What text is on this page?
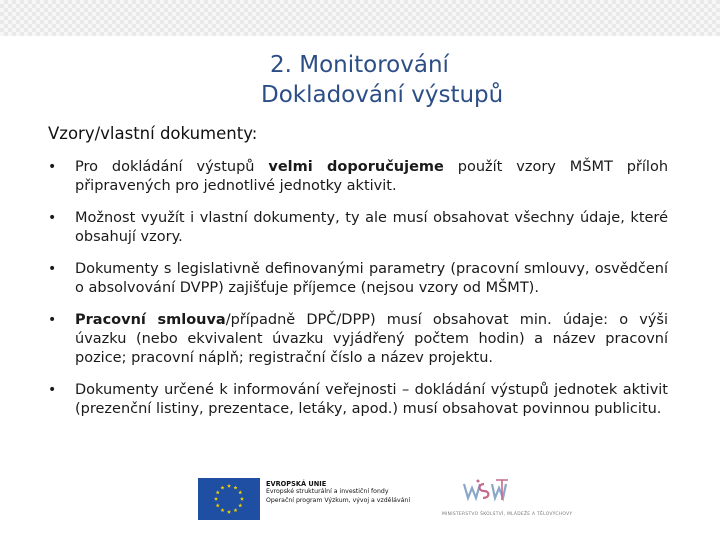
2. Monitorování
Dokladování výstupů
Vzory/vlastní dokumenty:
• Pro dokládání výstupů velmi doporučujeme použít vzory MŠMT příloh připravených pro jednotlivé jednotky aktivit.
• Možnost využít i vlastní dokumenty, ty ale musí obsahovat všechny údaje, které obsahují vzory.
• Dokumenty s legislativně definovanými parametry (pracovní smlouvy, osvědčení o absolvování DVPP) zajišťuje příjemce (nejsou vzory od MŠMT).
• Pracovní smlouva/případně DPČ/DPP) musí obsahovat min. údaje: o výši úvazku (nebo ekvivalent úvazku vyjádřený počtem hodin) a název pracovní pozice; pracovní náplň; registrační číslo a název projektu.
• Dokumenty určené k informování veřejnosti – dokládání výstupů jednotek aktivit (prezenční listiny, prezentace, letáky, apod.) musí obsahovat povinnou publicitu.
EVROPSKÁ UNIE
Evropské strukturální a investiční fondy
Operační program Výzkum, vývoj a vzdělávání
MINISTERSTVO ŠKOLSTVÍ, MLÁDEŽE A TĚLOVÝCHOVY
